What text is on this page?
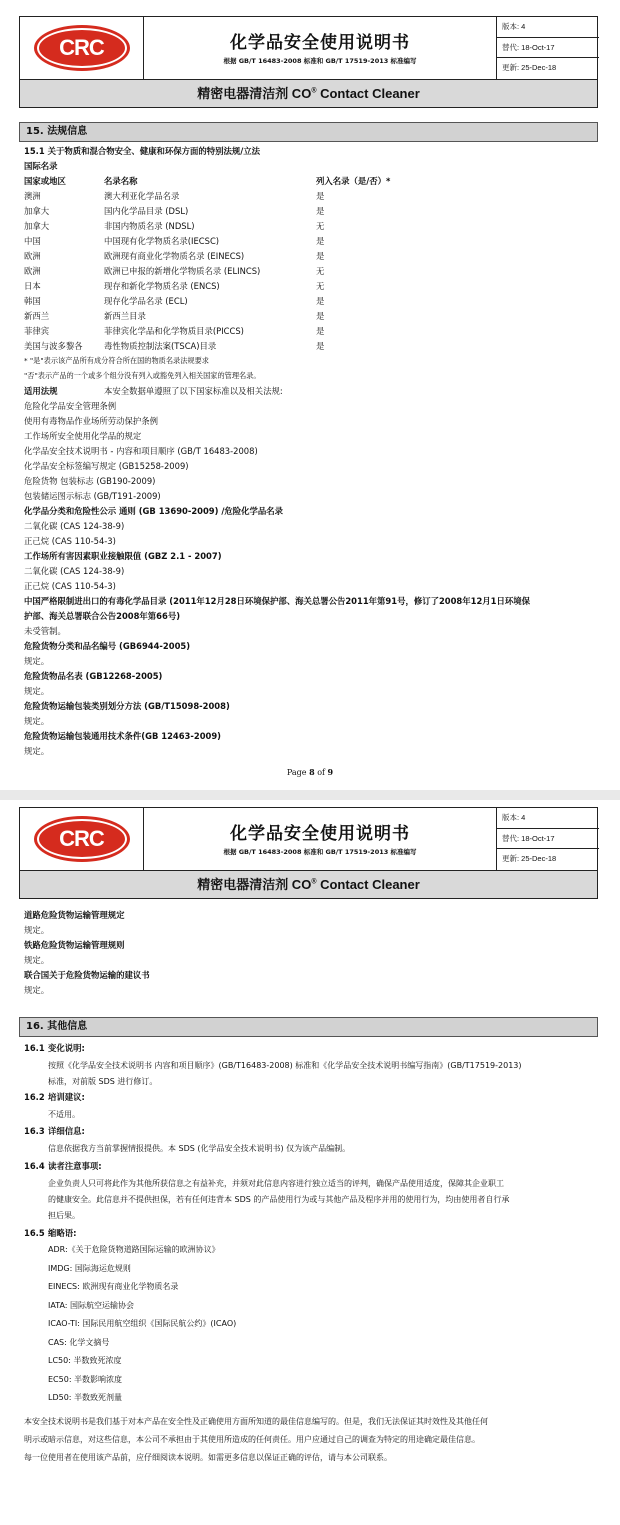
CRC	化学品安全使用说明书
根据 GB/T 16483-2008 标准和 GB/T 17519-2013 标准编写
版本: 4
替代: 18-Oct-17
更新: 25-Dec-18
精密电器清洁剂 CO® Contact Cleaner
15. 法规信息
15.1 关于物质和混合物安全、健康和环保方面的特别法规/立法
国际名录
国家或地区	名录名称	列入名录（是/否）*
澳洲	澳大利亚化学品名录	是
加拿大	国内化学品目录 (DSL)	是
加拿大	非国内物质名录 (NDSL)	无
中国	中国现有化学物质名录(IECSC)	是
欧洲	欧洲现有商业化学物质名录 (EINECS)	是
欧洲	欧洲已申报的新增化学物质名录 (ELINCS)	无
日本	现存和新化学物质名录 (ENCS)	无
韩国	现存化学品名录 (ECL)	是
新西兰	新西兰目录	是
菲律宾	菲律宾化学品和化学物质目录(PICCS)	是
美国与波多黎各	毒性物质控制法案(TSCA)目录	是
* "是"表示该产品所有成分符合所在国的物质名录法规要求
"否"表示产品的一个或多个组分没有列入或豁免列入相关国家的管理名录。
适用法规	本安全数据单遵照了以下国家标准以及相关法规:
危险化学品安全管理条例
使用有毒物品作业场所劳动保护条例
工作场所安全使用化学品的规定
化学品安全技术说明书 - 内容和项目顺序 (GB/T 16483-2008)
化学品安全标签编写规定 (GB15258-2009)
危险货物 包装标志 (GB190-2009)
包装储运图示标志 (GB/T191-2009)
化学品分类和危险性公示 通则 (GB 13690-2009) /危险化学品名录
二氧化碳 (CAS 124-38-9)
正己烷 (CAS 110-54-3)
工作场所有害因素职业接触限值 (GBZ 2.1 - 2007)
二氧化碳 (CAS 124-38-9)
正己烷 (CAS 110-54-3)
中国严格限制进出口的有毒化学品目录 (2011年12月28日环境保护部、海关总署公告2011年第91号，修订了2008年12月1日环境保
护部、海关总署联合公告2008年第66号)
未受管制。
危险货物分类和品名编号 (GB6944-2005)
规定。
危险货物品名表 (GB12268-2005)
规定。
危险货物运输包装类别划分方法 (GB/T15098-2008)
规定。
危险货物运输包装通用技术条件(GB 12463-2009)
规定。
Page 8 of 9
CRC	化学品安全使用说明书
根据 GB/T 16483-2008 标准和 GB/T 17519-2013 标准编写
版本: 4
替代: 18-Oct-17
更新: 25-Dec-18
精密电器清洁剂 CO® Contact Cleaner
道路危险货物运输管理规定
规定。
铁路危险货物运输管理规则
规定。
联合国关于危险货物运输的建议书
规定。
16. 其他信息
16.1 变化说明:
按照《化学品安全技术说明书 内容和项目顺序》(GB/T16483-2008) 标准和《化学品安全技术说明书编写指南》(GB/T17519-2013)
标准，对前版 SDS 进行修订。
16.2 培训建议:
不适用。
16.3 详细信息:
信息依据我方当前掌握情报提供。本 SDS (化学品安全技术说明书) 仅为该产品编制。
16.4 读者注意事项:
企业负责人只可将此作为其他所获信息之有益补充，并须对此信息内容进行独立适当的评判，确保产品使用适度，保障其企业职工
的健康安全。此信息并不提供担保，若有任何违背本 SDS 的产品使用行为或与其他产品及程序并用的使用行为，均由使用者自行承
担后果。
16.5 缩略语:
ADR:《关于危险货物道路国际运输的欧洲协议》
IMDG: 国际海运危规则
EINECS: 欧洲现有商业化学物质名录
IATA: 国际航空运输协会
ICAO-TI: 国际民用航空组织《国际民航公约》(ICAO)
CAS: 化学文摘号
LC50: 半数致死浓度
EC50: 半数影响浓度
LD50: 半数致死剂量
本安全技术说明书是我们基于对本产品在安全性及正确使用方面所知道的最佳信息编写的。但是，我们无法保证其时效性及其他任何
明示或暗示信息，对这些信息，本公司不承担由于其使用所造成的任何责任。用户应通过自己的调查为特定的用途确定最佳信息。
每一位使用者在使用该产品前，应仔细阅读本说明。如需更多信息以保证正确的评估，请与本公司联系。
